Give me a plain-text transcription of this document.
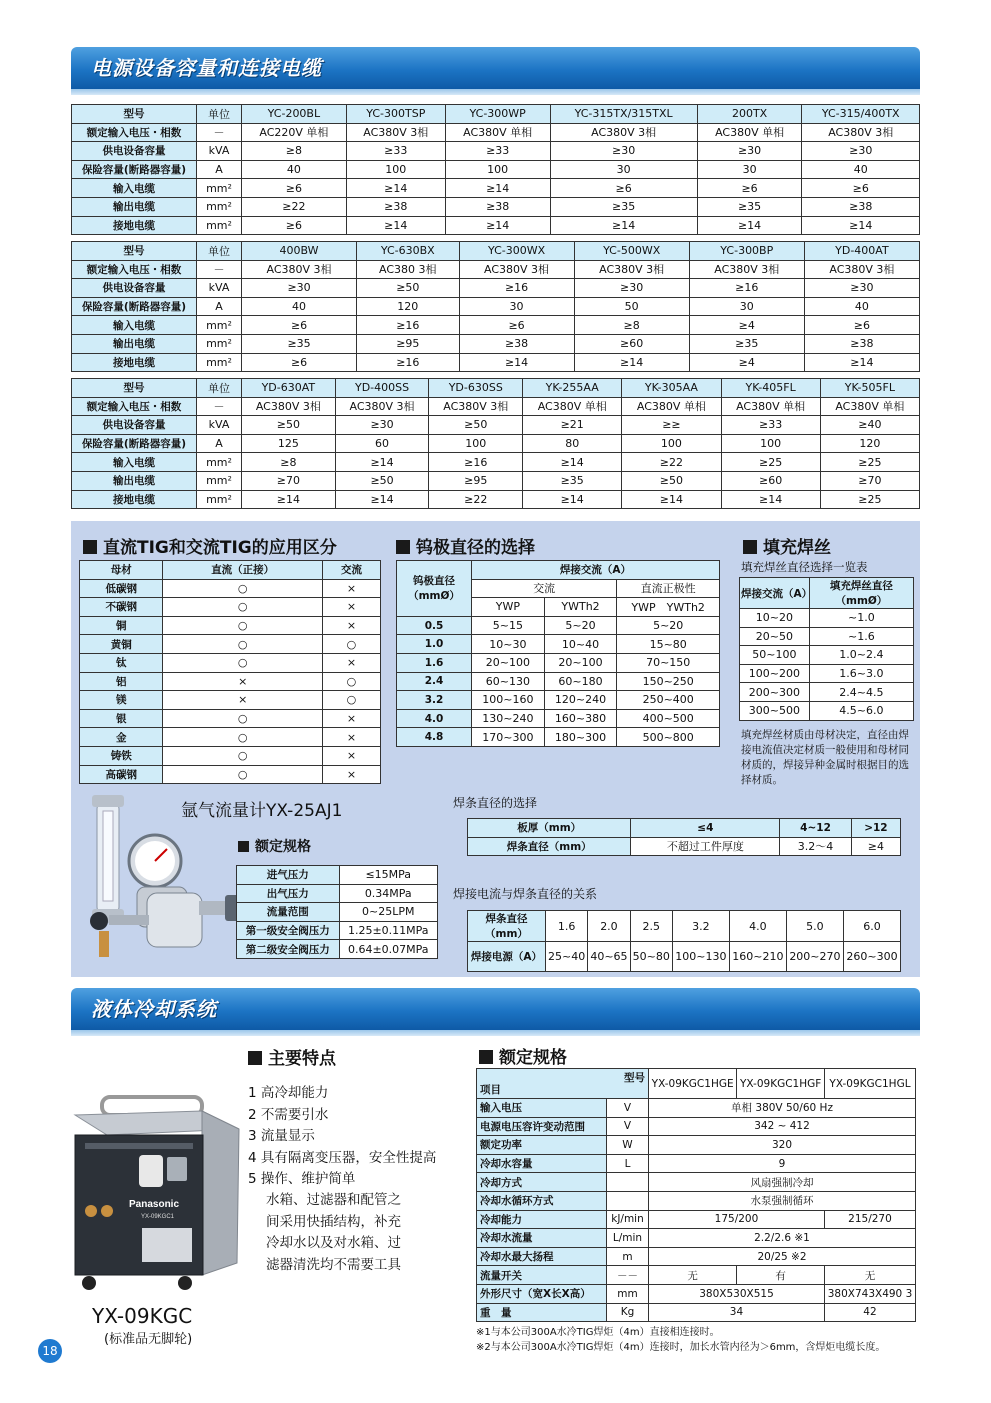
电源设备容量和连接电缆
型号	单位	YC-200BL	YC-300TSP	YC-300WP	YC-315TX/315TXL	200TX	YC-315/400TX
额定输入电压・相数	－	AC220V 单相	AC380V 3相	AC380V 单相	AC380V 3相	AC380V 单相	AC380V 3相
供电设备容量	kVA	≥8	≥33	≥33	≥30	≥30	≥30
保险容量(断路器容量)	A	40	100	100	30	30	40
输入电缆	mm²	≥6	≥14	≥14	≥6	≥6	≥6
输出电缆	mm²	≥22	≥38	≥38	≥35	≥35	≥38
接地电缆	mm²	≥6	≥14	≥14	≥14	≥14	≥14
型号	单位	400BW	YC-630BX	YC-300WX	YC-500WX	YC-300BP	YD-400AT
额定输入电压・相数	－	AC380V 3相	AC380 3相	AC380V 3相	AC380V 3相	AC380V 3相	AC380V 3相
供电设备容量	kVA	≥30	≥50	≥16	≥30	≥16	≥30
保险容量(断路器容量)	A	40	120	30	50	30	40
输入电缆	mm²	≥6	≥16	≥6	≥8	≥4	≥6
输出电缆	mm²	≥35	≥95	≥38	≥60	≥35	≥38
接地电缆	mm²	≥6	≥16	≥14	≥14	≥4	≥14
型号	单位	YD-630AT	YD-400SS	YD-630SS	YK-255AA	YK-305AA	YK-405FL	YK-505FL
额定输入电压・相数	－	AC380V 3相	AC380V 3相	AC380V 3相	AC380V 单相	AC380V 单相	AC380V 单相	AC380V 单相
供电设备容量	kVA	≥50	≥30	≥50	≥21	≥≥	≥33	≥40
保险容量(断路器容量)	A	125	60	100	80	100	100	120
输入电缆	mm²	≥8	≥14	≥16	≥14	≥22	≥25	≥25
输出电缆	mm²	≥70	≥50	≥95	≥35	≥50	≥60	≥70
接地电缆	mm²	≥14	≥14	≥22	≥14	≥14	≥14	≥25
直流TIG和交流TIG的应用区分	钨极直径的选择	填充焊丝
填充焊丝直径选择一览表
母材	直流（正接）	交流
低碳钢	○	×
不碳钢	○	×
铜	○	×
黄铜	○	○
钛	○	×
铝	×	○
镁	×	○
银	○	×
金	○	×
铸铁	○	×
高碳钢	○	×
钨极直径（mmØ）	焊接交流（A）		
	交流		直流正极性
	YWP	YWTh2	YWP　YWTh2
0.5	5~15	5~20	5~20
1.0	10~30	10~40	15~80
1.6	20~100	20~100	70~150
2.4	60~130	60~180	150~250
3.2	100~160	120~240	250~400
4.0	130~240	160~380	400~500
4.8	170~300	180~300	500~800
焊接交流（A）	填充焊丝直径（mmØ）
10~20	~1.0
20~50	~1.6
50~100	1.0~2.4
100~200	1.6~3.0
200~300	2.4~4.5
300~500	4.5~6.0
填充焊丝材质由母材决定，直径由焊接电流值决定材质一般使用和母材同材质的，焊接异种金属时根据目的选择材质。
氩气流量计YX-25AJ1
额定规格
进气压力	≤15MPa
出气压力	0.34MPa
流量范围	0~25LPM
第一级安全阀压力	1.25±0.11MPa
第二级安全阀压力	0.64±0.07MPa
焊条直径的选择
板厚（mm）	≤4	4~12	>12
焊条直径（mm）	不超过工件厚度	3.2～4	≥4
焊接电流与焊条直径的关系
焊条直径（mm）	1.6	2.0	2.5	3.2	4.0	5.0	6.0
焊接电源（A）	25~40	40~65	50~80	100~130	160~210	200~270	260~300
液体冷却系统
主要特点
1 高冷却能力
2 不需要引水
3 流量显示
4 具有隔离变压器，安全性提高
5 操作、维护简单
水箱、过滤器和配管之
间采用快插结构，补充
冷却水以及对水箱、过
滤器清洗均不需要工具
Panasonic
YX-09KGC1
YX-09KGC
(标准品无脚轮)
额定规格
型号
项目		YX-09KGC1HGE	YX-09KGC1HGF	YX-09KGC1HGL
输入电压	V	单相 380V 50/60 Hz		
电源电压容许变动范围	V	342 ~ 412		
额定功率	W	320		
冷却水容量	L	9		
冷却方式		风扇强制冷却		
冷却水循环方式		水泵强制循环		
冷却能力	kJ/min	175/200		215/270
冷却水流量	L/min	2.2/2.6 ※1		
冷却水最大扬程	m	20/25 ※2		
流量开关	－－	无	有	无
外形尺寸（宽X长X高）	mm	380X530X515		380X743X490 3
重　量	Kg	34		42
※1与本公司300A水冷TIG焊炬（4m）直接相连接时。
※2与本公司300A水冷TIG焊炬（4m）连接时，加长水管内径为＞6mm，含焊炬电缆长度。
18
